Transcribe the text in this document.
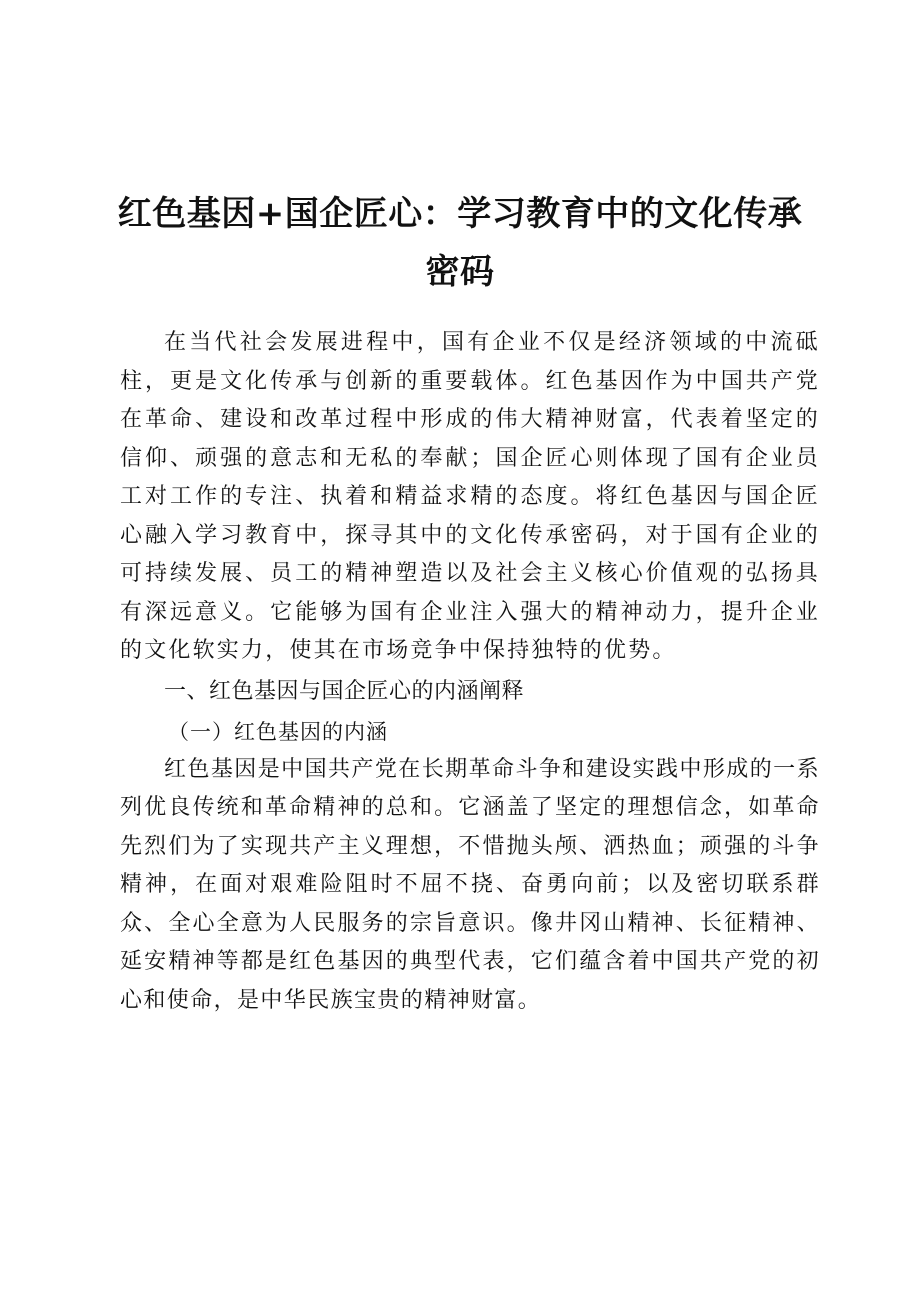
红色基因+国企匠心：学习教育中的文化传承
密码

在当代社会发展进程中，国有企业不仅是经济领域的中流砥柱，更是文化传承与创新的重要载体。红色基因作为中国共产党在革命、建设和改革过程中形成的伟大精神财富，代表着坚定的信仰、顽强的意志和无私的奉献；国企匠心则体现了国有企业员工对工作的专注、执着和精益求精的态度。将红色基因与国企匠心融入学习教育中，探寻其中的文化传承密码，对于国有企业的可持续发展、员工的精神塑造以及社会主义核心价值观的弘扬具有深远意义。它能够为国有企业注入强大的精神动力，提升企业的文化软实力，使其在市场竞争中保持独特的优势。

一、红色基因与国企匠心的内涵阐释

（一）红色基因的内涵

红色基因是中国共产党在长期革命斗争和建设实践中形成的一系列优良传统和革命精神的总和。它涵盖了坚定的理想信念，如革命先烈们为了实现共产主义理想，不惜抛头颅、洒热血；顽强的斗争精神，在面对艰难险阻时不屈不挠、奋勇向前；以及密切联系群众、全心全意为人民服务的宗旨意识。像井冈山精神、长征精神、延安精神等都是红色基因的典型代表，它们蕴含着中国共产党的初心和使命，是中华民族宝贵的精神财富。
